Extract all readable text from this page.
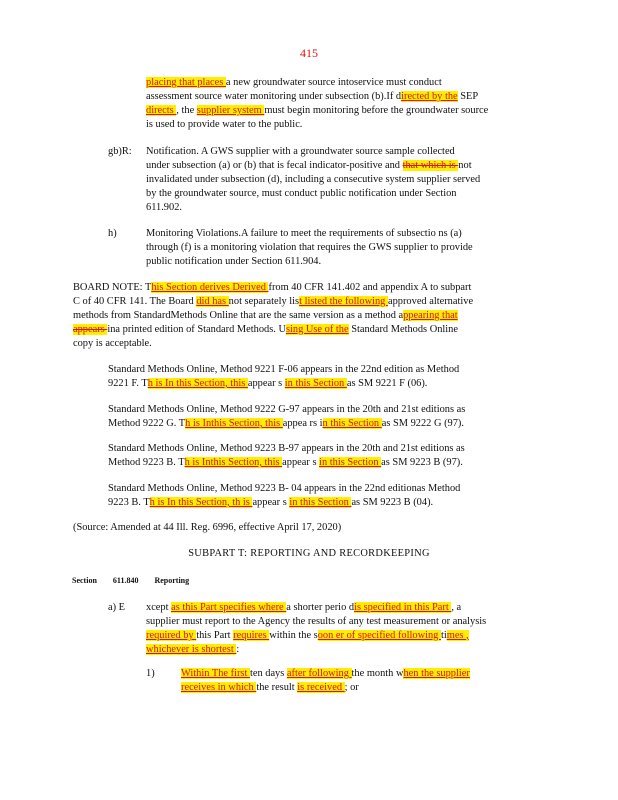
415
placing that places a new groundwater source intoservice must conduct
assessment source water monitoring under subsection (b).If directed by the SEP
directs , the supplier system must begin monitoring before the groundwater source
is used to provide water to the public.
gb)R: Notification. A GWS supplier with a groundwater source sample collected
under subsection (a) or (b) that is fecal indicator-positive and that which is not
invalidated under subsection (d), including a consecutive system supplier served
by the groundwater source, must conduct public notification under Section
611.902.
h)	Monitoring Violations.A failure to meet the requirements of subsectio ns (a)
through (f) is a monitoring violation that requires the GWS supplier to provide
public notification under Section 611.904.
BOARD NOTE: This Section derives Derived from 40 CFR 141.402 and appendix A to subpart
C of 40 CFR 141. The Board did has not separately list listed the following approved alternative
methods from StandardMethods Online that are the same version as a method appearing that
appears ina printed edition of Standard Methods. Using Use of the Standard Methods Online
copy is acceptable.
Standard Methods Online, Method 9221 F-06 appears in the 22nd edition as Method
9221 F. Th is In this Section, this appear s in this Section as SM 9221 F (06).
Standard Methods Online, Method 9222 G-97 appears in the 20th and 21st editions as
Method 9222 G. Th is Inthis Section, this appea rs in this Section as SM 9222 G (97).
Standard Methods Online, Method 9223 B-97 appears in the 20th and 21st editions as
Method 9223 B. Th is Inthis Section, this appear s in this Section as SM 9223 B (97).
Standard Methods Online, Method 9223 B- 04 appears in the 22nd editionas Method
9223 B. Th is In this Section, th is appear s in this Section as SM 9223 B (04).
(Source: Amended at 44 Ill. Reg. 6996, effective April 17, 2020)
SUBPART T: REPORTING AND RECORDKEEPING
Section 611.840 Reporting
a) E xcept as this Part specifies where a shorter perio dis specified in this Part , a
supplier must report to the Agency the results of any test measurement or analysis
required by this Part requires within the soon er of specified following times ,
whichever is shortest :
1)	Within The first ten days after following the month when the supplier
receives in which the result is received ; or
